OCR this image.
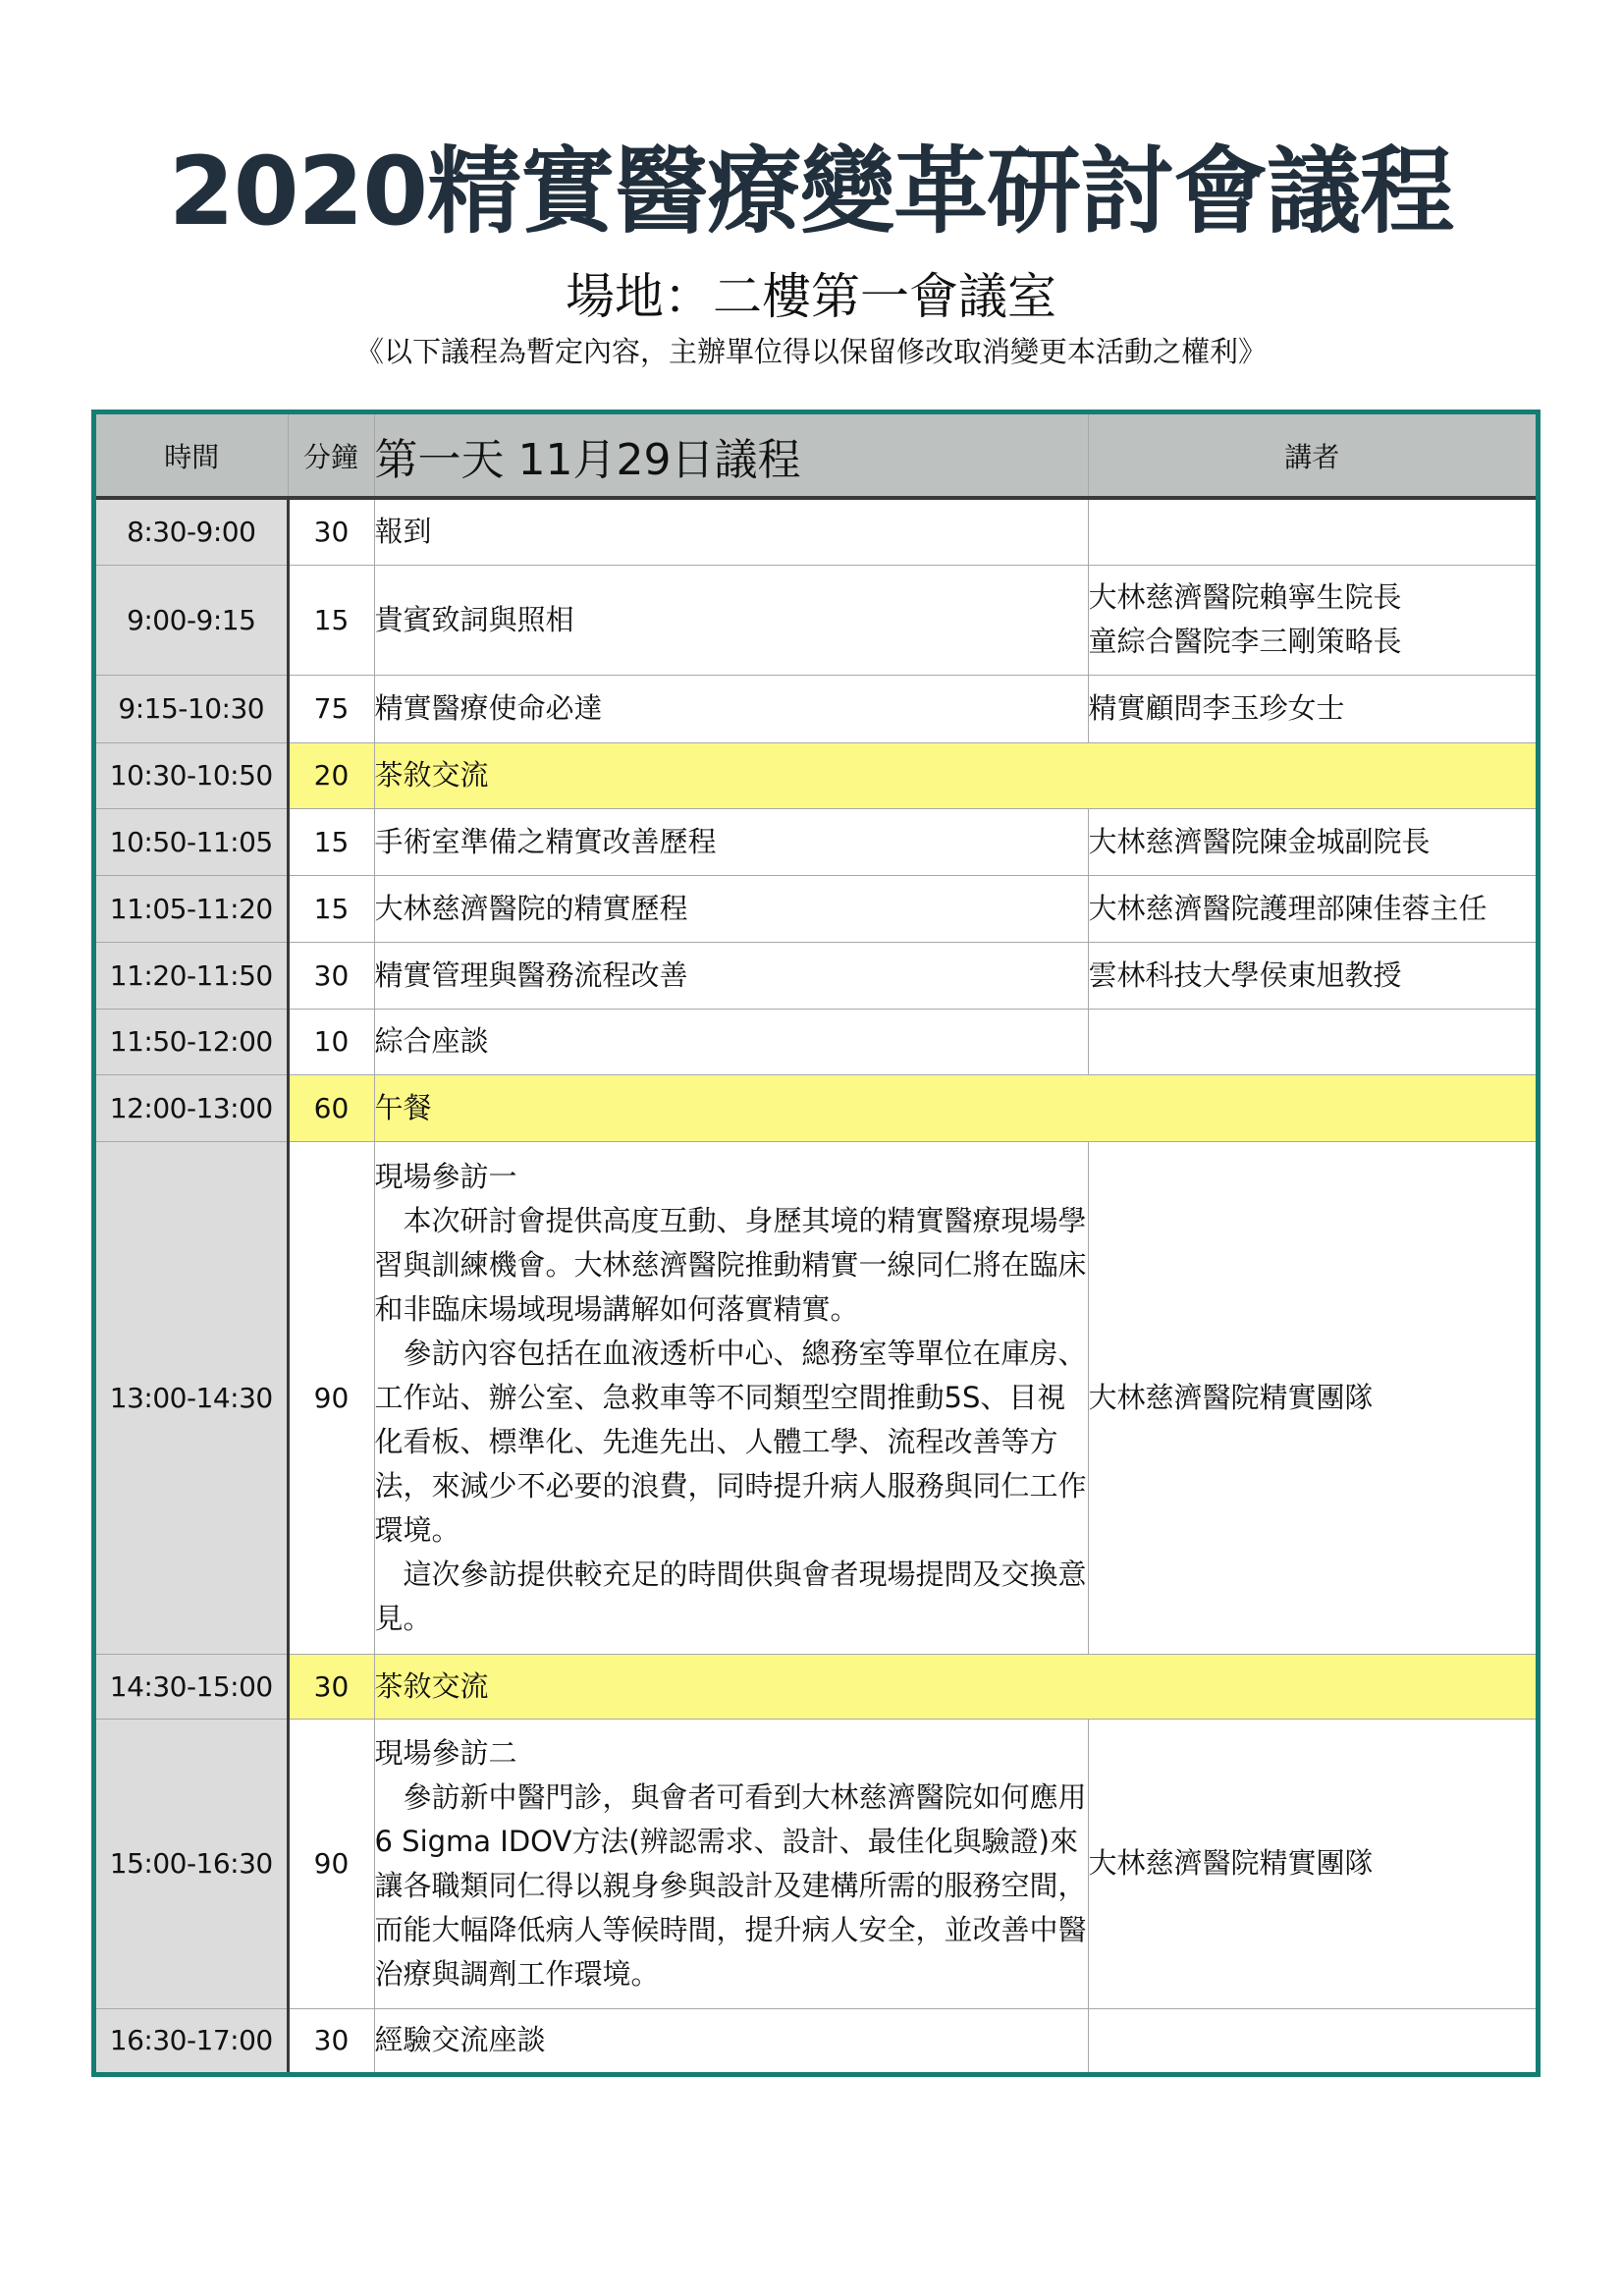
2020精實醫療變革研討會議程
場地：二樓第一會議室
《以下議程為暫定內容，主辦單位得以保留修改取消變更本活動之權利》
時間	分鐘	第一天 11月29日議程	講者
8:30-9:00	30	報到	
9:00-9:15	15	貴賓致詞與照相	大林慈濟醫院賴寧生院長
童綜合醫院李三剛策略長

9:15-10:30	75	精實醫療使命必達	精實顧問李玉珍女士
10:30-10:50	20	茶敘交流	
10:50-11:05	15	手術室準備之精實改善歷程	大林慈濟醫院陳金城副院長
11:05-11:20	15	大林慈濟醫院的精實歷程	大林慈濟醫院護理部陳佳蓉主任
11:20-11:50	30	精實管理與醫務流程改善	雲林科技大學侯東旭教授
11:50-12:00	10	綜合座談	
12:00-13:00	60	午餐	
13:00-14:30	90	現場參訪一
本次研討會提供高度互動、身歷其境的精實醫療現場學習與訓練機會。大林慈濟醫院推動精實一線同仁將在臨床和非臨床場域現場講解如何落實精實。
參訪內容包括在血液透析中心、總務室等單位在庫房、工作站、辦公室、急救車等不同類型空間推動5S、目視化看板、標準化、先進先出、人體工學、流程改善等方法，來減少不必要的浪費，同時提升病人服務與同仁工作環境。
這次參訪提供較充足的時間供與會者現場提問及交換意見。	大林慈濟醫院精實團隊
14:30-15:00	30	茶敘交流	
15:00-16:30	90	現場參訪二
參訪新中醫門診，與會者可看到大林慈濟醫院如何應用6 Sigma IDOV方法(辨認需求、設計、最佳化與驗證)來讓各職類同仁得以親身參與設計及建構所需的服務空間，而能大幅降低病人等候時間，提升病人安全，並改善中醫治療與調劑工作環境。	大林慈濟醫院精實團隊
16:30-17:00	30	經驗交流座談	
